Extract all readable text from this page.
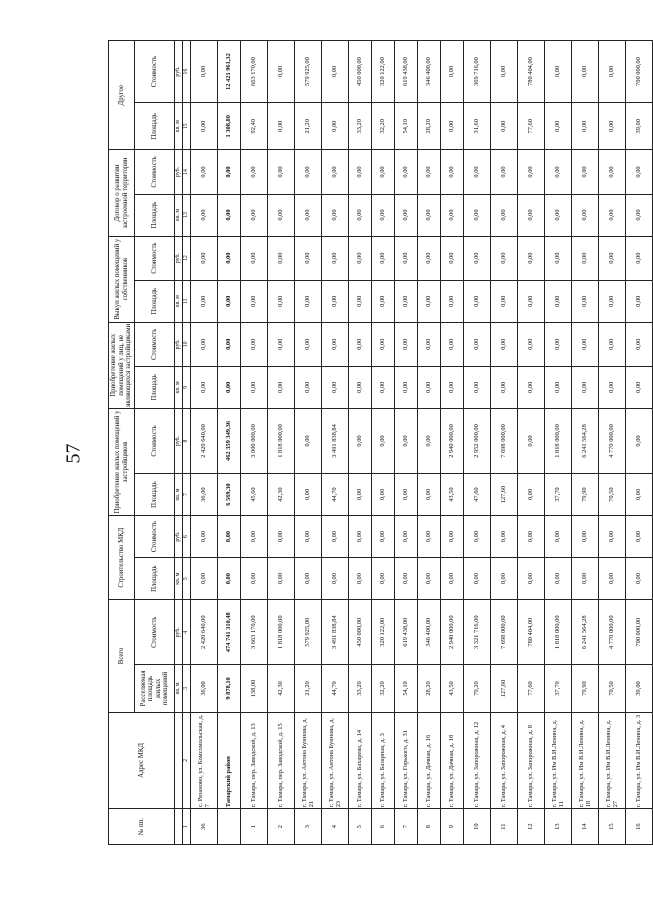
57
№ пп.	Адрес МКД	Всего		Строительство МКД		Приобретение жилых помещений у застройщиков		Приобретение жилых помещений у лиц, не являющихся застройщиками		Выкуп жилых помещений у собственников		Договор о развитии застроенной территории		Другое	
		Расселяемая площадь жилых помещений	Стоимость	Площадь	Стоимость	Площадь	Стоимость	Площадь	Стоимость	Площадь	Стоимость	Площадь	Стоимость	Площадь	Стоимость
		кв. м	руб.	кв. м	руб.	кв. м	руб.	кв. м	руб.	кв. м	руб.	кв. м	руб.	кв. м	руб.
1	2	3	4	5	6	7	8	9	10	11	12	13	14	15	16
36	с. Рязаново, ул. Комсомольская, д. 7	36,00	2 420 640,00	0,00	0,00	36,00	2 420 640,00	0,00	0,00	0,00	0,00	0,00	0,00	0,00	0,00
	Тамарский район	9 878,10	474 741 310,48	0,00	0,00	6 569,30	462 359 349,36	0,00	0,00	0,00	0,00	0,00	0,00	1 308,80	12 421 961,32
1	г. Тамара, пер. Заводской, д. 13	138,00	3 663 170,00	0,00	0,00	45,60	3 000 000,00	0,00	0,00	0,00	0,00	0,00	0,00	92,40	663 170,00
2	г. Тамара, пер. Заводской, д. 15	42,30	1 818 000,00	0,00	0,00	42,30	1 818 000,00	0,00	0,00	0,00	0,00	0,00	0,00	0,00	0,00
3	г. Тамара, ул. Антона Буинова, д. 21	21,20	579 925,00	0,00	0,00	0,00	0,00	0,00	0,00	0,00	0,00	0,00	0,00	21,20	579 925,00
4	г. Тамара, ул. Антона Буинова, д. 23	44,70	3 491 838,84	0,00	0,00	44,70	3 491 838,84	0,00	0,00	0,00	0,00	0,00	0,00	0,00	0,00
5	г. Тамара, ул. Бахарева, д. 14	33,20	450 000,00	0,00	0,00	0,00	0,00	0,00	0,00	0,00	0,00	0,00	0,00	33,20	450 000,00
6	г. Тамара, ул. Базарная, д. 3	32,20	320 122,00	0,00	0,00	0,00	0,00	0,00	0,00	0,00	0,00	0,00	0,00	32,20	320 122,00
7	г. Тамара, ул. Горького, д. 31	54,10	619 438,00	0,00	0,00	0,00	0,00	0,00	0,00	0,00	0,00	0,00	0,00	54,10	619 438,00
8	г. Тамара, ул. Дачная, д. 16	28,20	346 400,00	0,00	0,00	0,00	0,00	0,00	0,00	0,00	0,00	0,00	0,00	28,20	346 400,00
9	г. Тамара, ул. Дачная, д. 18	43,50	2 940 000,00	0,00	0,00	43,50	2 940 000,00	0,00	0,00	0,00	0,00	0,00	0,00	0,00	0,00
10	г. Тамара, ул. Запорожная, д. 12	79,20	3 321 716,00	0,00	0,00	47,60	2 952 000,00	0,00	0,00	0,00	0,00	0,00	0,00	31,60	369 716,00
11	г. Тамара, ул. Запорожная, д. 4	127,60	7 698 000,00	0,00	0,00	127,60	7 698 000,00	0,00	0,00	0,00	0,00	0,00	0,00	0,00	0,00
12	г. Тамара, ул. Запорожная, д. 8	77,60	780 404,00	0,00	0,00	0,00	0,00	0,00	0,00	0,00	0,00	0,00	0,00	77,60	780 404,00
13	г. Тамара, ул. Им В.И.Ленина, д. 11	37,70	1 818 000,00	0,00	0,00	37,70	1 818 000,00	0,00	0,00	0,00	0,00	0,00	0,00	0,00	0,00
14	г. Тамара, ул. Им В.И.Ленина, д. 18	79,90	6 241 564,28	0,00	0,00	79,90	6 241 564,28	0,00	0,00	0,00	0,00	0,00	0,00	0,00	0,00
15	г. Тамара, ул. Им В.И.Ленина, д. 27	70,50	4 770 000,00	0,00	0,00	70,50	4 770 000,00	0,00	0,00	0,00	0,00	0,00	0,00	0,00	0,00
16	г. Тамара, ул. Им В.И.Ленина, д. 3	39,00	700 000,00	0,00	0,00	0,00	0,00	0,00	0,00	0,00	0,00	0,00	0,00	39,00	700 000,00
